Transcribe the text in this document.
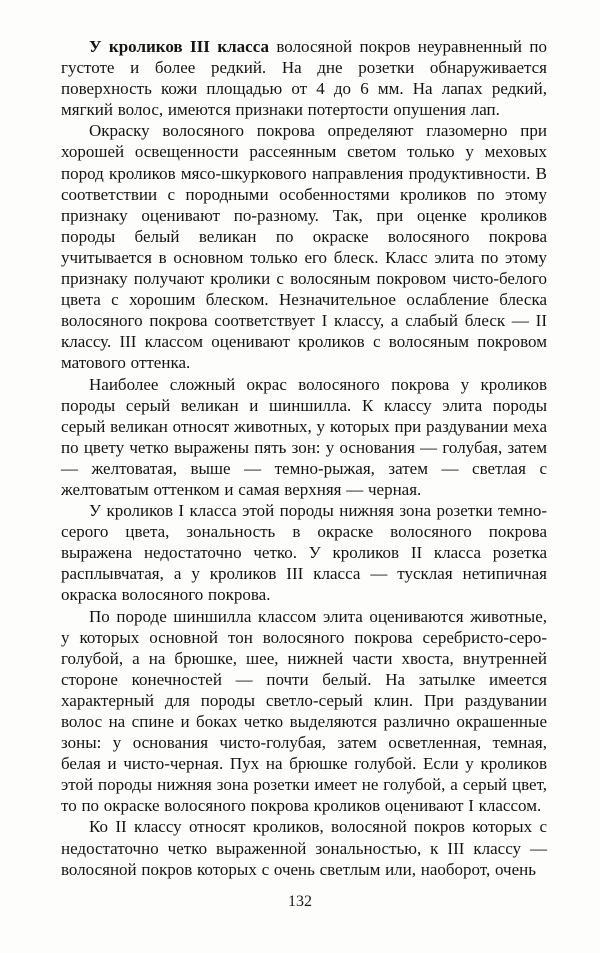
У кроликов III класса волосяной покров неуравненный по густоте и более редкий. На дне розетки обнаруживается поверхность кожи площадью от 4 до 6 мм. На лапах редкий, мягкий волос, имеются признаки потертости опушения лап.

Окраску волосяного покрова определяют глазомерно при хорошей освещенности рассеянным светом только у меховых пород кроликов мясо-шкуркового направления продуктивности. В соответствии с породными особенностями кроликов по этому признаку оценивают по-разному. Так, при оценке кроликов породы белый великан по окраске волосяного покрова учитывается в основном только его блеск. Класс элита по этому признаку получают кролики с волосяным покровом чисто-белого цвета с хорошим блеском. Незначительное ослабление блеска волосяного покрова соответствует I классу, а слабый блеск — II классу. III классом оценивают кроликов с волосяным покровом матового оттенка.

Наиболее сложный окрас волосяного покрова у кроликов породы серый великан и шиншилла. К классу элита породы серый великан относят животных, у которых при раздувании меха по цвету четко выражены пять зон: у основания — голубая, затем — желтоватая, выше — темно-рыжая, затем — светлая с желтоватым оттенком и самая верхняя — черная.

У кроликов I класса этой породы нижняя зона розетки темно-серого цвета, зональность в окраске волосяного покрова выражена недостаточно четко. У кроликов II класса розетка расплывчатая, а у кроликов III класса — тусклая нетипичная окраска волосяного покрова.

По породе шиншилла классом элита оцениваются животные, у которых основной тон волосяного покрова серебристо-серо-голубой, а на брюшке, шее, нижней части хвоста, внутренней стороне конечностей — почти белый. На затылке имеется характерный для породы светло-серый клин. При раздувании волос на спине и боках четко выделяются различно окрашенные зоны: у основания чисто-голубая, затем осветленная, темная, белая и чисто-черная. Пух на брюшке голубой. Если у кроликов этой породы нижняя зона розетки имеет не голубой, а серый цвет, то по окраске волосяного покрова кроликов оценивают I классом.

Ко II классу относят кроликов, волосяной покров которых с недостаточно четко выраженной зональностью, к III классу — волосяной покров которых с очень светлым или, наоборот, очень

132
